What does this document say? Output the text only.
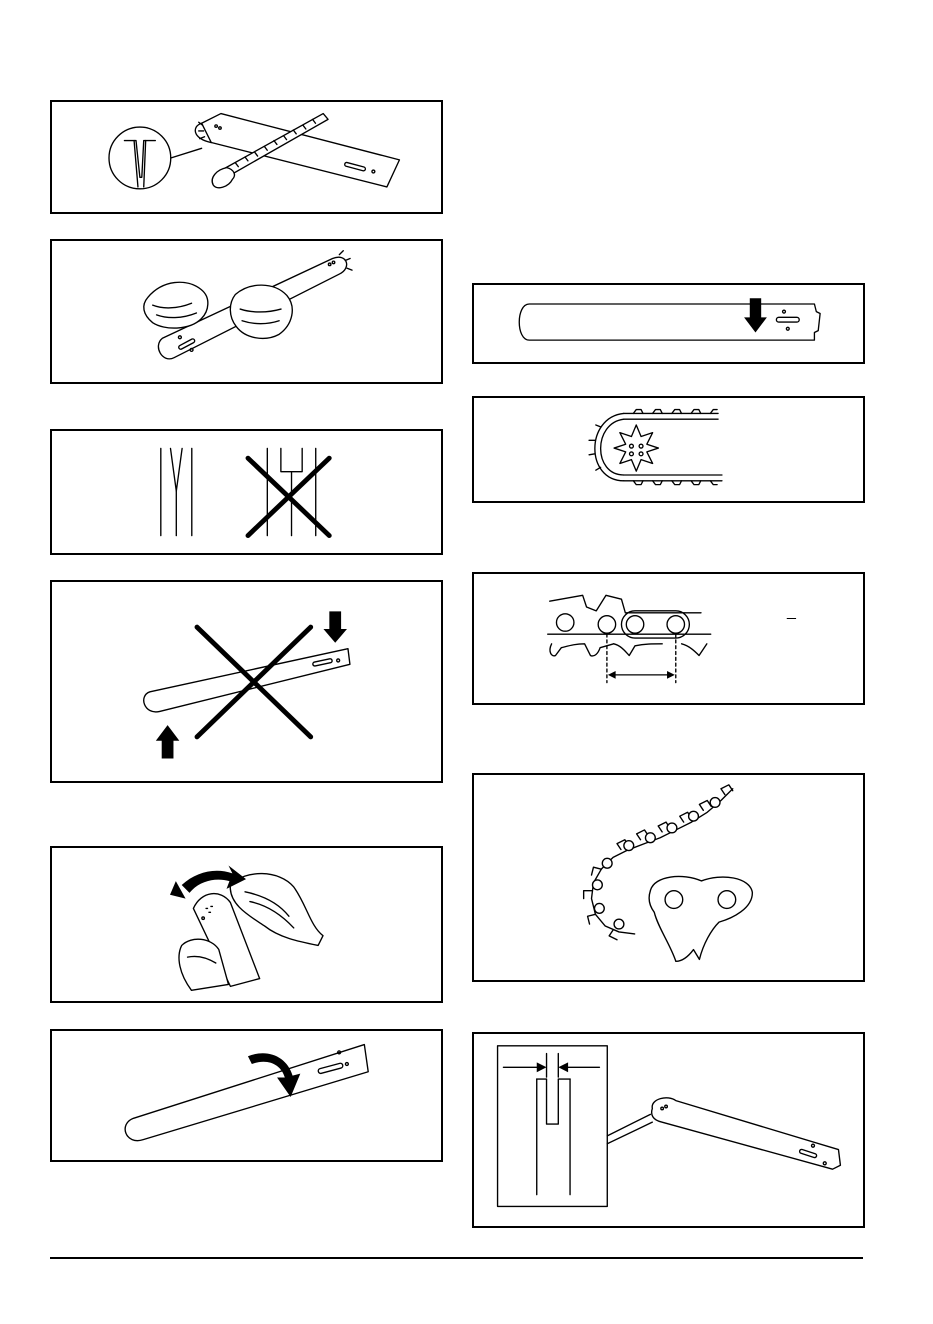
_
